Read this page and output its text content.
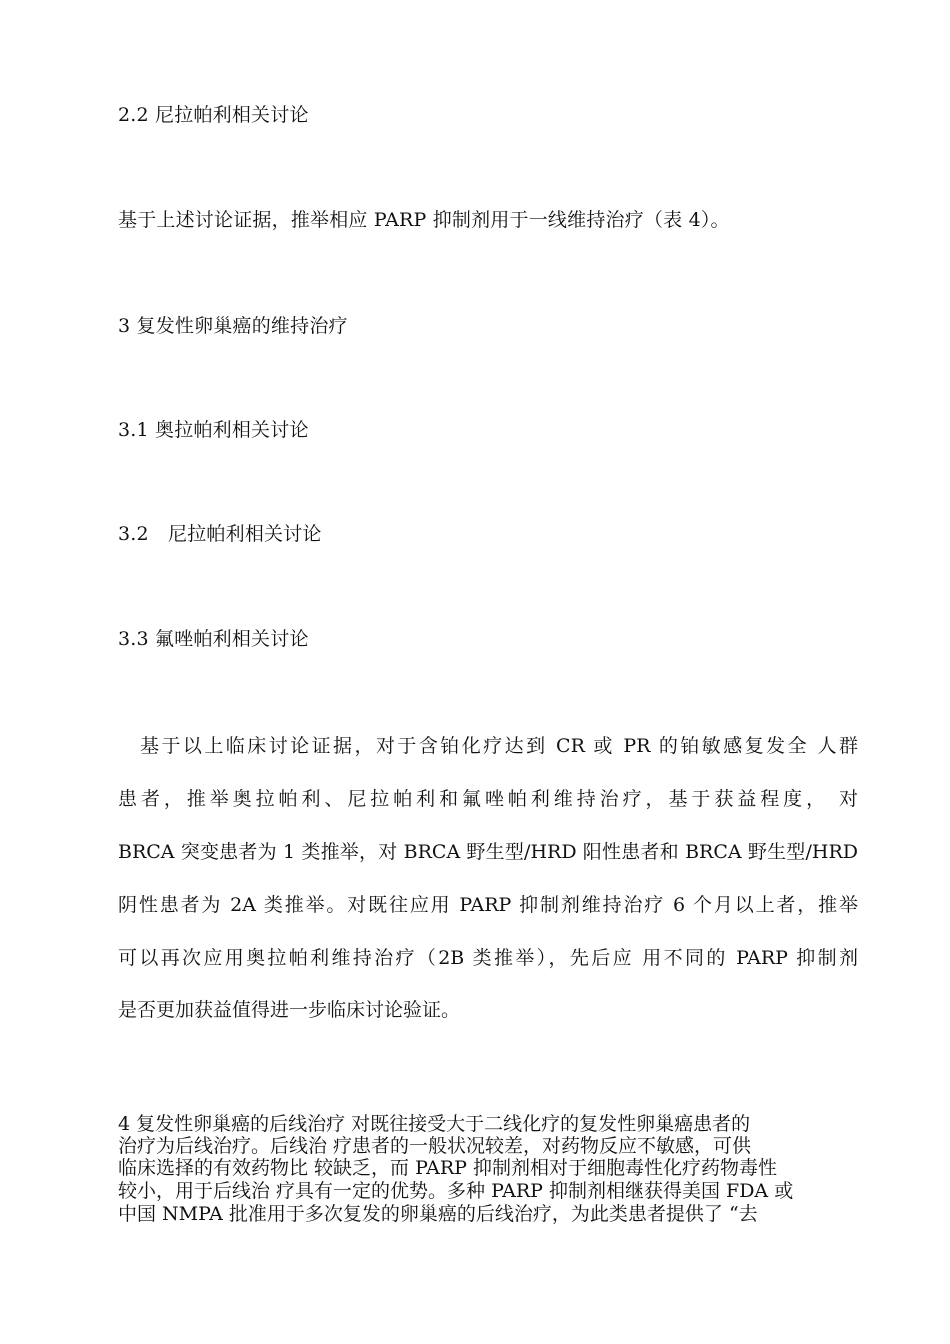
2.2 尼拉帕利相关讨论
基于上述讨论证据，推举相应 PARP 抑制剂用于一线维持治疗（表 4）。
3 复发性卵巢癌的维持治疗
3.1 奥拉帕利相关讨论
3.2　尼拉帕利相关讨论
3.3 氟唑帕利相关讨论
基于以上临床讨论证据，对于含铂化疗达到 CR 或 PR 的铂敏感复发全 人群
患者，推举奥拉帕利、尼拉帕利和氟唑帕利维持治疗，基于获益程度， 对
BRCA 突变患者为 1 类推举，对 BRCA 野生型/HRD 阳性患者和 BRCA 野生型/HRD
阴性患者为 2A 类推举。对既往应用 PARP 抑制剂维持治疗 6 个月以上者，推举
可以再次应用奥拉帕利维持治疗（2B 类推举），先后应 用不同的 PARP 抑制剂
是否更加获益值得进一步临床讨论验证。
4 复发性卵巢癌的后线治疗 对既往接受大于二线化疗的复发性卵巢癌患者的
治疗为后线治疗。后线治 疗患者的一般状况较差，对药物反应不敏感，可供
临床选择的有效药物比 较缺乏，而 PARP 抑制剂相对于细胞毒性化疗药物毒性
较小，用于后线治 疗具有一定的优势。多种 PARP 抑制剂相继获得美国 FDA 或
中国 NMPA 批准用于多次复发的卵巢癌的后线治疗，为此类患者提供了 “去
